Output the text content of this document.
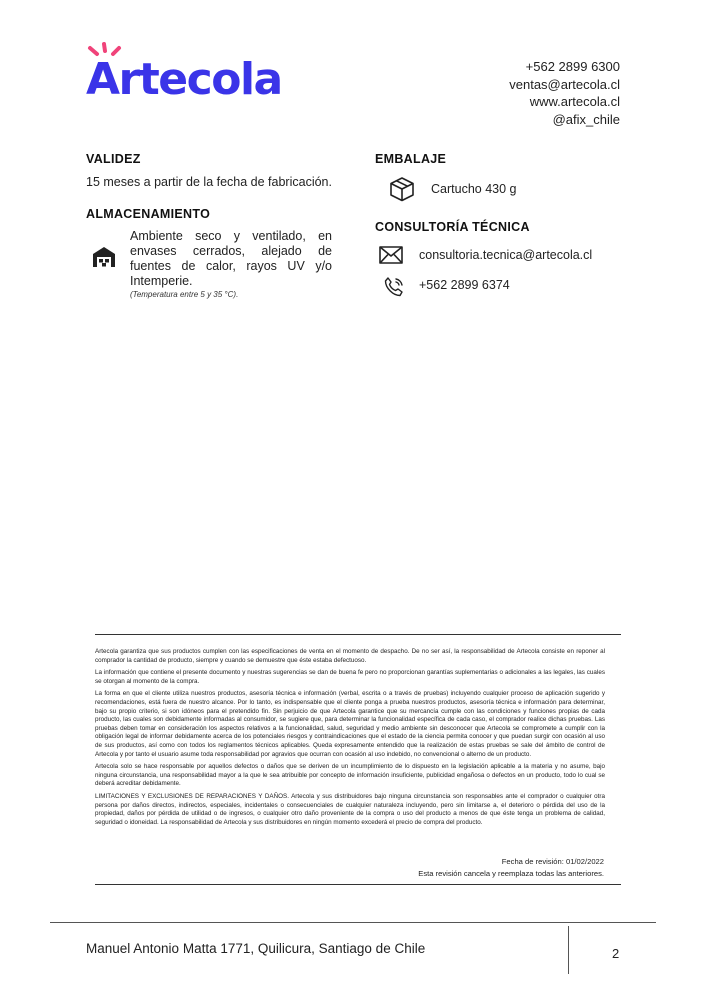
Artecola	+562 2899 6300
ventas@artecola.cl
www.artecola.cl
@afix_chile
VALIDEZ
15 meses a partir de la fecha de fabricación.
ALMACENAMIENTO
Ambiente seco y ventilado, en envases cerrados, alejado de fuentes de calor, rayos UV y/o Intemperie.
(Temperatura entre 5 y 35 °C).
EMBALAJE
Cartucho 430 g
CONSULTORÍA TÉCNICA
consultoria.tecnica@artecola.cl
+562 2899 6374

Artecola garantiza que sus productos cumplen con las especificaciones de venta en el momento de despacho. De no ser así, la responsabilidad de Artecola consiste en reponer al comprador la cantidad de producto, siempre y cuando se demuestre que éste estaba defectuoso.

La información que contiene el presente documento y nuestras sugerencias se dan de buena fe pero no proporcionan garantías suplementarias o adicionales a las legales, las cuales se otorgan al momento de la compra.

La forma en que el cliente utiliza nuestros productos, asesoría técnica e información (verbal, escrita o a través de pruebas) incluyendo cualquier proceso de aplicación sugerido y recomendaciones, está fuera de nuestro alcance. Por lo tanto, es indispensable que el cliente ponga a prueba nuestros productos, asesoría técnica e información para determinar, bajo su propio criterio, si son idóneos para el pretendido fin. Sin perjuicio de que Artecola garantice que su mercancía cumple con las condiciones y funciones propias de cada producto, las cuales son debidamente informadas al consumidor, se sugiere que, para determinar la funcionalidad específica de cada caso, el comprador realice dichas pruebas. Las pruebas deben tomar en consideración los aspectos relativos a la funcionalidad, salud, seguridad y medio ambiente sin desconocer que Artecola se compromete a cumplir con la obligación legal de informar debidamente acerca de los potenciales riesgos y contraindicaciones que el estado de la ciencia permita conocer y que puedan surgir con ocasión al uso de sus productos, así como con todos los reglamentos técnicos aplicables. Queda expresamente entendido que la realización de estas pruebas se sale del ámbito de control de Artecola y por tanto el usuario asume toda responsabilidad por agravios que ocurran con ocasión al uso indebido, no convencional o alterno de un producto.

Artecola solo se hace responsable por aquellos defectos o daños que se deriven de un incumplimiento de lo dispuesto en la legislación aplicable a la materia y no asume, bajo ninguna circunstancia, una responsabilidad mayor a la que le sea atribuible por concepto de información insuficiente, publicidad engañosa o defectos en un producto, todo lo cual se deberá acreditar debidamente.

LIMITACIONES Y EXCLUSIONES DE REPARACIONES Y DAÑOS. Artecola y sus distribuidores bajo ninguna circunstancia son responsables ante el comprador o cualquier otra persona por daños directos, indirectos, especiales, incidentales o consecuenciales de cualquier naturaleza incluyendo, pero sin limitarse a, el deterioro o pérdida del uso de la propiedad, daños por pérdida de utilidad o de ingresos, o cualquier otro daño proveniente de la compra o uso del producto a menos de que éste tenga un problema de calidad, seguridad o idoneidad. La responsabilidad de Artecola y sus distribuidores en ningún momento excederá el precio de compra del producto.

Fecha de revisión: 01/02/2022
Esta revisión cancela y reemplaza todas las anteriores.
Manuel Antonio Matta 1771, Quilicura, Santiago de Chile	2
